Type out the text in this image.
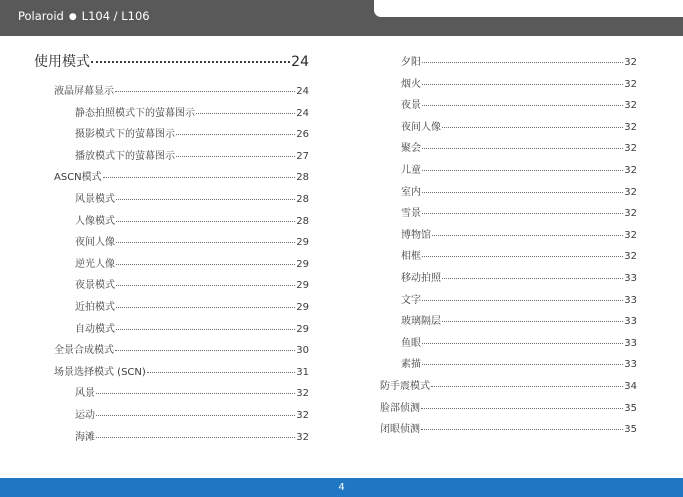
Polaroid ● L104 / L106
使用模式	24
液晶屏幕显示	24
静态拍照模式下的萤幕图示	24
摄影模式下的萤幕图示	26
播放模式下的萤幕图示	27
ASCN模式	28
风景模式	28
人像模式	28
夜间人像	29
逆光人像	29
夜景模式	29
近拍模式	29
自动模式	29
全景合成模式	30
场景选择模式 (SCN)	31
风景	32
运动	32
海滩	32
夕阳	32
烟火	32
夜景	32
夜间人像	32
聚会	32
儿童	32
室内	32
雪景	32
博物馆	32
相框	32
移动拍照	33
文字	33
玻璃隔层	33
鱼眼	33
素描	33
防手震模式	34
脸部侦测	35
闭眼侦测	35
4
